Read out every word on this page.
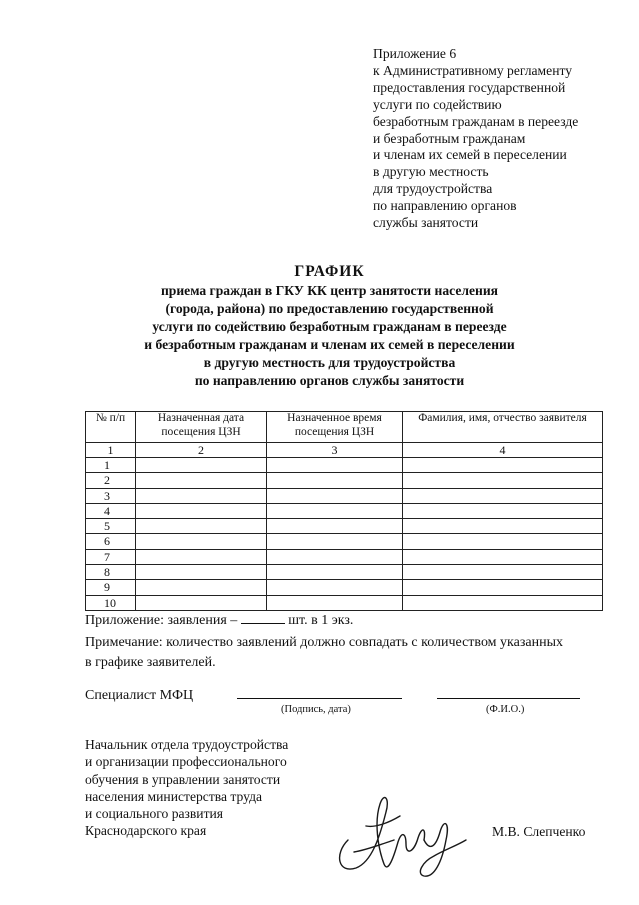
Приложение 6
к Административному регламенту
предоставления государственной
услуги по содействию
безработным гражданам в переезде
и безработным гражданам
и членам их семей в переселении
в другую местность
для трудоустройства
по направлению органов
службы занятости
ГРАФИК
приема граждан в ГКУ КК центр занятости населения
(города, района) по предоставлению государственной
услуги по содействию безработным гражданам в переезде
и безработным гражданам и членам их семей в переселении
в другую местность для трудоустройства
по направлению органов службы занятости
№ п/п	Назначенная дата посещения ЦЗН	Назначенное время посещения ЦЗН	Фамилия, имя, отчество заявителя
1	2	3	4
1			
2			
3			
4			
5			
6			
7			
8			
9			
10			
Приложение: заявления –	шт. в 1 экз.
Примечание: количество заявлений должно совпадать с количеством указанных
в графике заявителей.
Специалист МФЦ
(Подпись, дата)	(Ф.И.О.)
Начальник отдела трудоустройства
и организации профессионального
обучения в управлении занятости
населения министерства труда
и социального развития
Краснодарского края	М.В. Слепченко
